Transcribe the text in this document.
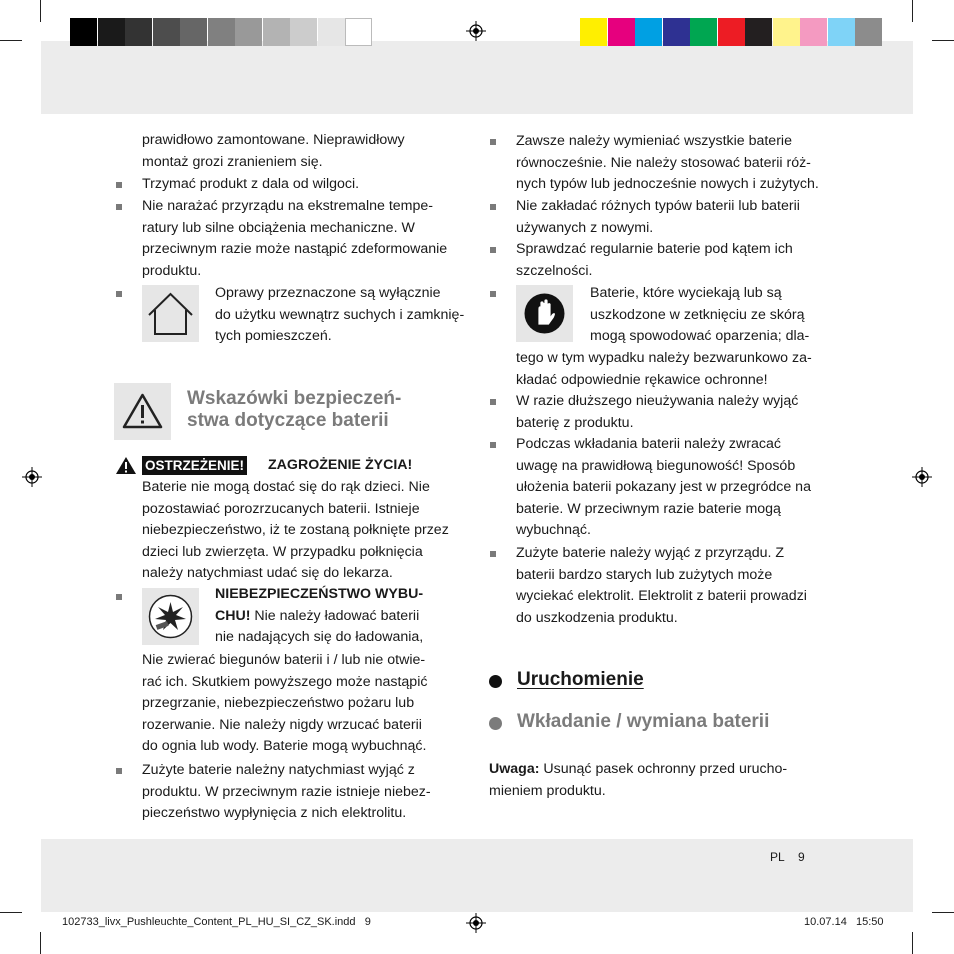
prawidłowo zamontowane. Nieprawidłowy
montaż grozi zranieniem się.
Trzymać produkt z dala od wilgoci.
Nie narażać przyrządu na ekstremalne tempe-
ratury lub silne obciążenia mechaniczne. W
przeciwnym razie może nastąpić zdeformowanie
produktu.
Oprawy przeznaczone są wyłącznie
do użytku wewnątrz suchych i zamknię-
tych pomieszczeń.
Wskazówki bezpieczeń-
stwa dotyczące baterii
OSTRZEŻENIE! ZAGROŻENIE ŻYCIA!
Baterie nie mogą dostać się do rąk dzieci. Nie
pozostawiać porozrzucanych baterii. Istnieje
niebezpieczeństwo, iż te zostaną połknięte przez
dzieci lub zwierzęta. W przypadku połknięcia
należy natychmiast udać się do lekarza.
NIEBEZPIECZEŃSTWO WYBU-
CHU! Nie należy ładować baterii
nie nadających się do ładowania,
Nie zwierać biegunów baterii i / lub nie otwie-
rać ich. Skutkiem powyższego może nastąpić
przegrzanie, niebezpieczeństwo pożaru lub
rozerwanie. Nie należy nigdy wrzucać baterii
do ognia lub wody. Baterie mogą wybuchnąć.
Zużyte baterie należny natychmiast wyjąć z
produktu. W przeciwnym razie istnieje niebez-
pieczeństwo wypłynięcia z nich elektrolitu.
Zawsze należy wymieniać wszystkie baterie
równocześnie. Nie należy stosować baterii róż-
nych typów lub jednocześnie nowych i zużytych.
Nie zakładać różnych typów baterii lub baterii
używanych z nowymi.
Sprawdzać regularnie baterie pod kątem ich
szczelności.
Baterie, które wyciekają lub są
uszkodzone w zetknięciu ze skórą
mogą spowodować oparzenia; dla-
tego w tym wypadku należy bezwarunkowo za-
kładać odpowiednie rękawice ochronne!
W razie dłuższego nieużywania należy wyjąć
baterię z produktu.
Podczas wkładania baterii należy zwracać
uwagę na prawidłową biegunowość! Sposób
ułożenia baterii pokazany jest w przegródce na
baterie. W przeciwnym razie baterie mogą
wybuchnąć.
Zużyte baterie należy wyjąć z przyrządu. Z
baterii bardzo starych lub zużytych może
wyciekać elektrolit. Elektrolit z baterii prowadzi
do uszkodzenia produktu.
Uruchomienie
Wkładanie / wymiana baterii
Uwaga: Usunąć pasek ochronny przed urucho-
mieniem produktu.
PL 9
102733_livx_Pushleuchte_Content_PL_HU_SI_CZ_SK.indd   9	10.07.14   15:50
